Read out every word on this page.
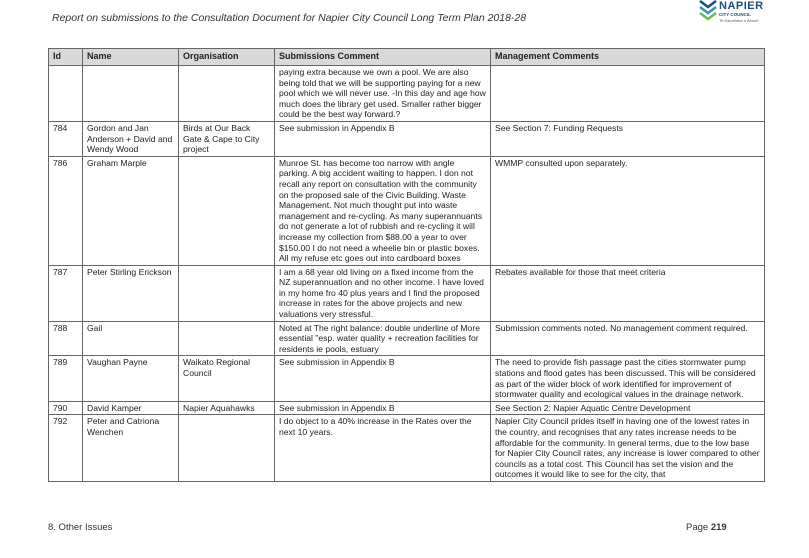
Report on submissions to the Consultation Document for Napier City Council Long Term Plan 2018-28
NAPIER
CITY COUNCIL
Te Kaunihera o Ahuriri
Id	Name	Organisation	Submissions Comment	Management Comments
			paying extra because we own a pool. We are also being told that we will be supporting paying for a new pool which we will never use. -In this day and age how much does the library get used. Smaller rather bigger could be the best way forward.?	
784	Gordon and Jan Anderson + David and Wendy Wood	Birds at Our Back Gate & Cape to City project	See submission in Appendix B	See Section 7: Funding Requests
786	Graham Marple		Munroe St. has become too narrow with angle parking. A big accident waiting to happen. I don not recall any report on consultation with the community on the proposed sale of the Civic Building. Waste Management. Not much thought put into waste management and re-cycling. As many superannuants do not generate a lot of rubbish and re-cycling it will increase my collection from $88.00 a year to over $150.00 I do not need a wheelie bin or plastic boxes. All my refuse etc goes out into cardboard boxes	WMMP consulted upon separately.
787	Peter Stirling Erickson		I am a 68 year old living on a fixed income from the NZ superannuation and no other income. I have loved in my home fro 40 plus years and I find the proposed increase in rates for the above projects and new valuations very stressful.	Rebates available for those that meet criteria
788	Gail		Noted at The right balance: double underline of More essential "esp. water quality + recreation facilities for residents ie pools, estuary	Submission comments noted. No management comment required.
789	Vaughan Payne	Waikato Regional Council	See submission in Appendix B	The need to provide fish passage past the cities stormwater pump stations and flood gates has been discussed. This will be considered as part of the wider block of work identified for improvement of stormwater quality and ecological values in the drainage network.
790	David Kamper	Napier Aquahawks	See submission in Appendix B	See Section 2: Napier Aquatic Centre Development
792	Peter and Catriona Wenchen		I do object to a 40% increase in the Rates over the next 10 years.	Napier City Council prides itself in having one of the lowest rates in the country, and recognises that any rates increase needs to be affordable for the community. In general terms, due to the low base for Napier City Council rates, any increase is lower compared to other councils as a total cost. This Council has set the vision and the outcomes it would like to see for the city, that
8. Other Issues	Page 219
